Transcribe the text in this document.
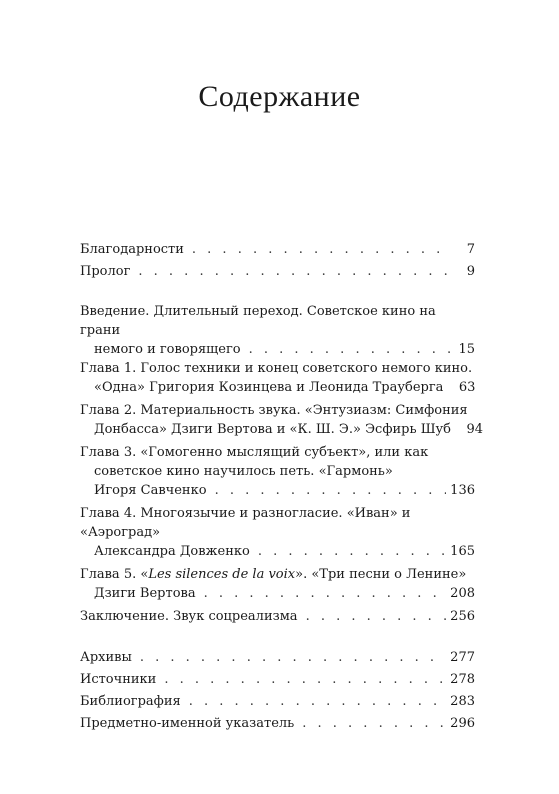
Содержание
Благодарности . . .	7
Пролог . . .	9
Введение. Длительный переход. Советское кино на грани
немого и говорящего . . .	15
Глава 1. Голос техники и конец советского немого кино.
«Одна» Григория Козинцева и Леонида Трауберга 63
Глава 2. Материальность звука. «Энтузиазм: Симфония
Донбасса» Дзиги Вертова и «К. Ш. Э.» Эсфирь Шуб 94
Глава 3. «Гомогенно мыслящий субъект», или как
советское кино научилось петь. «Гармонь»
Игоря Савченко . . .	136
Глава 4. Многоязычие и разногласие. «Иван» и «Аэроград»
Александра Довженко . . .	165
Глава 5. «Les silences de la voix». «Три песни о Ленине»
Дзиги Вертова . . .	208
Заключение. Звук соцреализма . . .	256
Архивы . . .	277
Источники . . .	278
Библиография . . .	283
Предметно-именной указатель . . .	296
